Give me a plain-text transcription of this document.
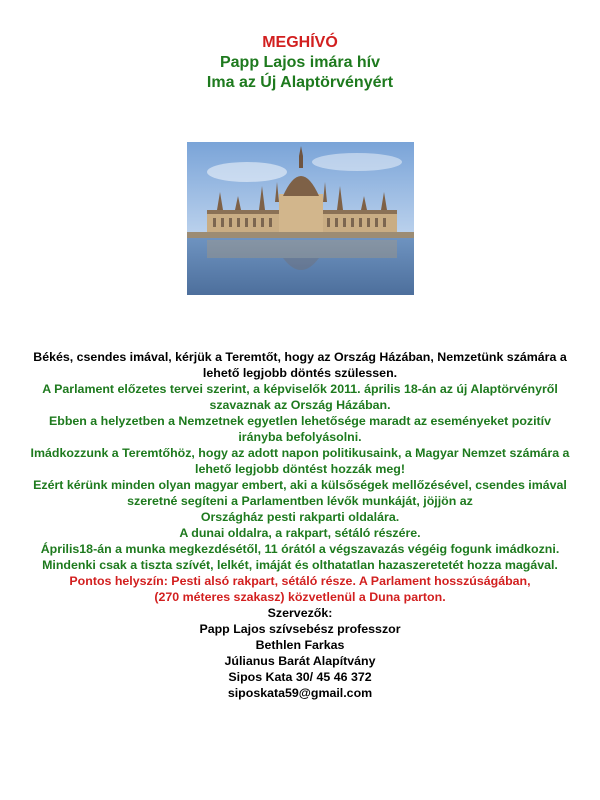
MEGHÍVÓ
Papp Lajos imára hív
Ima az Új Alaptörvényért
Békés, csendes imával, kérjük a Teremtőt, hogy az Ország Házában, Nemzetünk számára a
lehető legjobb döntés szülessen.
A Parlament előzetes tervei szerint, a képviselők 2011. április 18-án az új Alaptörvényről
szavaznak az Ország Házában.
Ebben a helyzetben a Nemzetnek egyetlen lehetősége maradt az eseményeket pozitív
irányba befolyásolni.
Imádkozzunk a Teremtőhöz, hogy az adott napon politikusaink, a Magyar Nemzet számára a
lehető legjobb döntést hozzák meg!
Ezért kérünk minden olyan magyar embert, aki a külsőségek mellőzésével, csendes imával
szeretné segíteni a Parlamentben lévők munkáját, jöjjön az
Országház pesti rakparti oldalára.
A dunai oldalra, a rakpart, sétáló részére.
Április18-án a munka megkezdésétől, 11 órától a végszavazás végéig fogunk imádkozni.
Mindenki csak a tiszta szívét, lelkét, imáját és olthatatlan hazaszeretetét hozza magával.
Pontos helyszín: Pesti alsó rakpart, sétáló része. A Parlament hosszúságában,
(270 méteres szakasz) közvetlenül a Duna parton.
Szervezők:
Papp Lajos szívsebész professzor
Bethlen Farkas
Júlianus Barát Alapítvány
Sipos Kata 30/ 45 46 372
siposkata59@gmail.com
